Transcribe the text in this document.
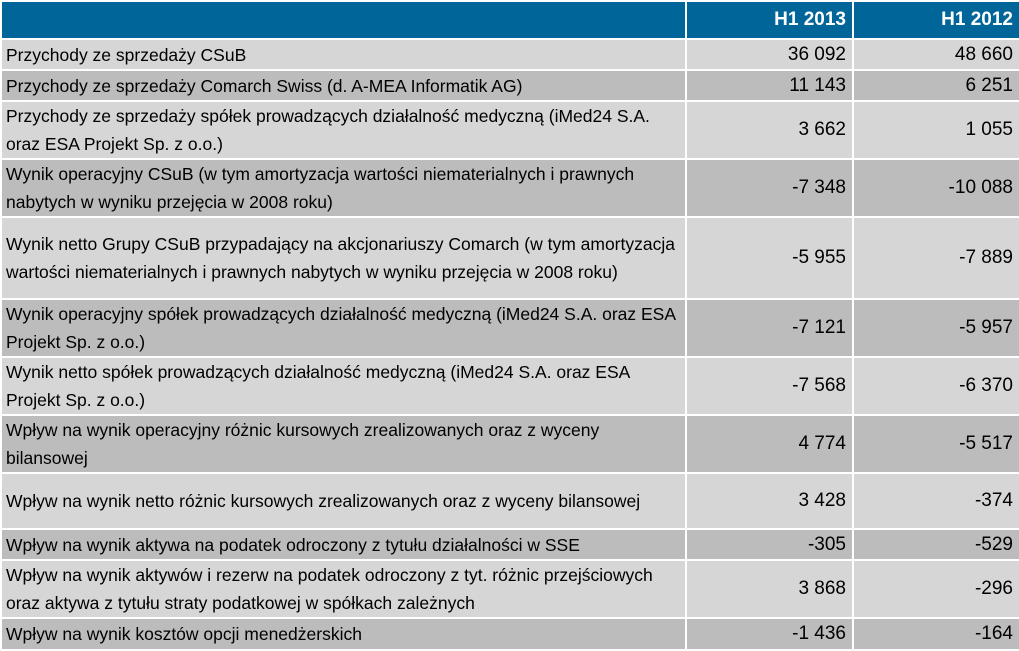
	H1 2013	H1 2012
Przychody ze sprzedaży CSuB	36 092	48 660
Przychody ze sprzedaży Comarch Swiss (d. A-MEA Informatik AG)	11 143	6 251
Przychody ze sprzedaży spółek prowadzących działalność medyczną (iMed24 S.A. oraz ESA Projekt Sp. z o.o.)	3 662	1 055
Wynik operacyjny CSuB (w tym amortyzacja wartości niematerialnych i prawnych nabytych w wyniku przejęcia w 2008 roku)	-7 348	-10 088
Wynik netto Grupy CSuB przypadający na akcjonariuszy Comarch (w tym amortyzacja wartości niematerialnych i prawnych nabytych w wyniku przejęcia w 2008 roku)	-5 955	-7 889
Wynik operacyjny spółek prowadzących działalność medyczną (iMed24 S.A. oraz ESA Projekt Sp. z o.o.)	-7 121	-5 957
Wynik netto spółek prowadzących działalność medyczną (iMed24 S.A. oraz ESA Projekt Sp. z o.o.)	-7 568	-6 370
Wpływ na wynik operacyjny różnic kursowych zrealizowanych oraz z wyceny bilansowej	4 774	-5 517
Wpływ na wynik netto różnic kursowych zrealizowanych oraz z wyceny bilansowej	3 428	-374
Wpływ na wynik aktywa na podatek odroczony z tytułu działalności w SSE	-305	-529
Wpływ na wynik aktywów i rezerw na podatek odroczony z tyt. różnic przejściowych oraz aktywa z tytułu straty podatkowej w spółkach zależnych	3 868	-296
Wpływ na wynik kosztów opcji menedżerskich	-1 436	-164
